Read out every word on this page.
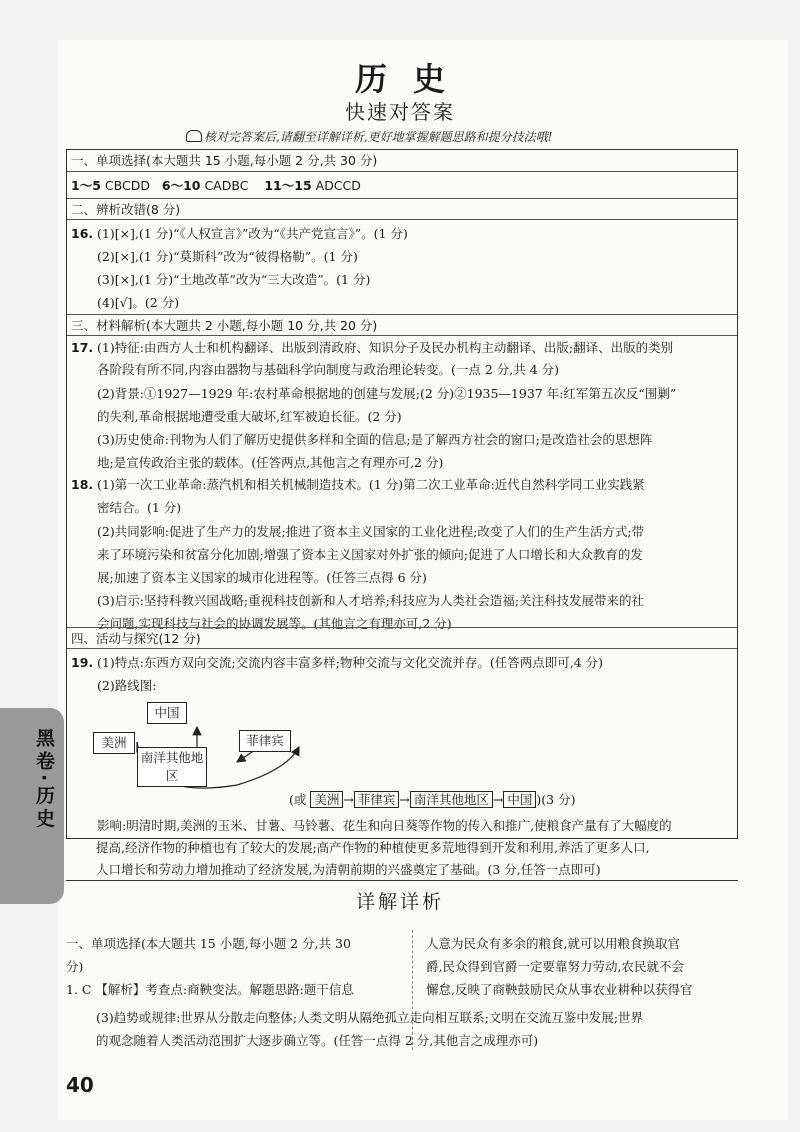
黑卷·历史
历史
快速对答案
核对完答案后,请翻至详解详析,更好地掌握解题思路和提分技法哦!
一、单项选择(本大题共 15 小题,每小题 2 分,共 30 分)
1～5 CBCDD 6～10 CADBC 11～15 ADCCD
二、辨析改错(8 分)
16. (1)[×],(1 分)“《人权宣言》”改为“《共产党宣言》”。(1 分)
(2)[×],(1 分)“莫斯科”改为“彼得格勒”。(1 分)
(3)[×],(1 分)“土地改革”改为“三大改造”。(1 分)
(4)[√]。(2 分)
三、材料解析(本大题共 2 小题,每小题 10 分,共 20 分)
17. (1)特征:由西方人士和机构翻译、出版到清政府、知识分子及民办机构主动翻译、出版;翻译、出版的类别
各阶段有所不同,内容由器物与基础科学向制度与政治理论转变。(一点 2 分,共 4 分)
(2)背景:①1927—1929 年:农村革命根据地的创建与发展;(2 分)②1935—1937 年:红军第五次反“围剿”
的失利,革命根据地遭受重大破坏,红军被迫长征。(2 分)
(3)历史使命:刊物为人们了解历史提供多样和全面的信息;是了解西方社会的窗口;是改造社会的思想阵
地;是宣传政治主张的载体。(任答两点,其他言之有理亦可,2 分)
18. (1)第一次工业革命:蒸汽机和相关机械制造技术。(1 分)第二次工业革命:近代自然科学同工业实践紧
密结合。(1 分)
(2)共同影响:促进了生产力的发展;推进了资本主义国家的工业化进程;改变了人们的生产生活方式;带
来了环境污染和贫富分化加剧;增强了资本主义国家对外扩张的倾向;促进了人口增长和大众教育的发
展;加速了资本主义国家的城市化进程等。(任答三点得 6 分)
(3)启示:坚持科教兴国战略;重视科技创新和人才培养;科技应为人类社会造福;关注科技发展带来的社
会问题,实现科技与社会的协调发展等。(其他言之有理亦可,2 分)
四、活动与探究(12 分)
19. (1)特点:东西方双向交流;交流内容丰富多样;物种交流与文化交流并存。(任答两点即可,4 分)
(2)路线图:
中国
美洲
南洋其他地区
菲律宾
(或 美洲 → 菲律宾 → 南洋其他地区 → 中国 )(3 分)
影响:明清时期,美洲的玉米、甘薯、马铃薯、花生和向日葵等作物的传入和推广,使粮食产量有了大幅度的
提高,经济作物的种植也有了较大的发展;高产作物的种植使更多荒地得到开发和利用,养活了更多人口,
人口增长和劳动力增加推动了经济发展,为清朝前期的兴盛奠定了基础。(3 分,任答一点即可)
详解详析
一、单项选择(本大题共 15 小题,每小题 2 分,共 30
分)
1. C 【解析】考查点:商鞅变法。解题思路:题干信息
人意为民众有多余的粮食,就可以用粮食换取官
爵,民众得到官爵一定要靠努力劳动,农民就不会
懈怠,反映了商鞅鼓励民众从事农业耕种以获得官
40
(3)趋势或规律:世界从分散走向整体;人类文明从隔绝孤立走向相互联系;文明在交流互鉴中发展;世界
的观念随着人类活动范围扩大逐步确立等。(任答一点得 2 分,其他言之成理亦可)
